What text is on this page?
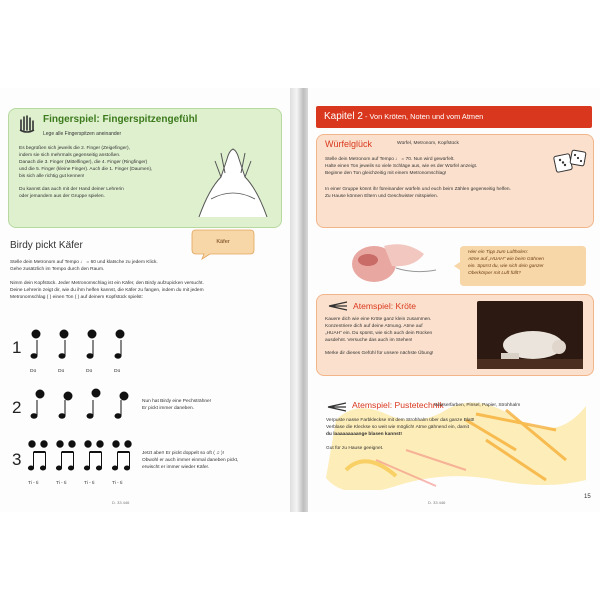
Fingerspiel: Fingerspitzengefühl
Lege alle Fingerspitzen aneinander
Es begrüßen sich jeweils die 2. Finger (Zeigefinger),
indem sie sich mehrmals gegenseitig anstoßen.
Danach die 3. Finger (Mittelfinger), die 4. Finger (Ringfinger)
und die 5. Finger (kleine Finger). Auch die 1. Finger (Daumen),
bis sich alle richtig gut kennen!
Du kannst das auch mit der Hand deiner Lehrerin
oder jemandem aus der Gruppe spielen.
Birdy pickt Käfer	Käfer
Stelle dein Metronom auf Tempo ♩ = 60 und klatsche zu jedem Klick.
Gehe zusätzlich im Tempo durch den Raum.
Nimm dein Kopfstück. Jeder Metronomschlag ist ein Käfer, den Birdy aufzupicken versucht.
Deine Lehrerin zeigt dir, wie du ihm helfen kannst, die Käfer zu fangen, indem du mit jedem
Metronomschlag ( ) einen Ton ( ) auf deinem Kopfstück spielst:
1
Dü	Dü	Dü	Dü
2	Nun hat Birdy eine Pechsträhne!
Er pickt immer daneben.
3
Ti - ti	Ti - ti	Ti - ti	Ti - ti
Jetzt aber! Er pickt doppelt so oft ( ♫ )!
Obwohl er auch immer einmal daneben pickt,
erwischt er immer wieder Käfer.
D. 33 446
Kapitel 2 - Von Kröten, Noten und vom Atmen
Würfelglück	Würfel, Metronom, Kopfstück
Stelle dein Metronom auf Tempo ♩ = 70. Nun wird gewürfelt.
Halte einen Ton jeweils so viele Schläge aus, wie es der Würfel anzeigt.
Beginne den Ton gleichzeitig mit einem Metronomschlag!
In einer Gruppe könnt ihr füreinander würfeln und euch beim Zählen gegenseitig helfen.
Zu Hause können Eltern und Geschwister mitspielen.
Hier ein Tipp zum Luftholen:
Atme auf „HUAH“ wie beim Gähnen
ein. Spürst du, wie sich dein ganzer
Oberkörper mit Luft füllt?
Atemspiel: Kröte
Kauere dich wie eine Kröte ganz klein zusammen.
Konzentriere dich auf deine Atmung. Atme auf
„HUAH“ ein. Du spürst, wie sich auch dein Rücken
ausdehnt. Versuche das auch im Stehen!
Merke dir dieses Gefühl für unsere nächste Übung!
Atemspiel: Pustetechnik
Wasserfarben, Pinsel, Papier, Strohhalm
Verpuste nasse Farbkleckse mit dem Strohhalm über das ganze Blatt!
Verblase die Kleckse so weit wie möglich! Atme gähnend ein, damit
du laaaaaaaaange blasen kannst!
Gut für zu Hause geeignet.
D. 33 446
15
